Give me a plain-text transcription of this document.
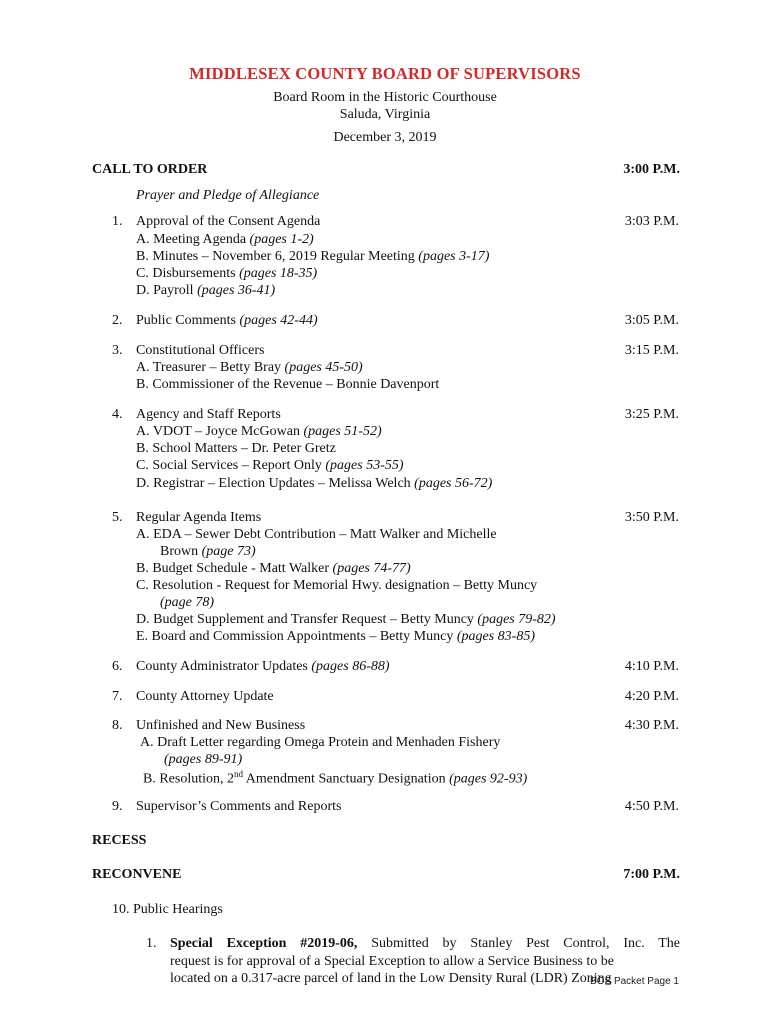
MIDDLESEX COUNTY BOARD OF SUPERVISORS
Board Room in the Historic Courthouse
Saluda, Virginia
December 3, 2019
CALL TO ORDER	3:00 P.M.
Prayer and Pledge of Allegiance
1. Approval of the Consent Agenda	3:03 P.M.
A. Meeting Agenda (pages 1-2)
B. Minutes – November 6, 2019 Regular Meeting (pages 3-17)
C. Disbursements (pages 18-35)
D. Payroll (pages 36-41)
2. Public Comments (pages 42-44)	3:05 P.M.
3. Constitutional Officers	3:15 P.M.
A. Treasurer – Betty Bray (pages 45-50)
B. Commissioner of the Revenue – Bonnie Davenport
4. Agency and Staff Reports	3:25 P.M.
A. VDOT – Joyce McGowan (pages 51-52)
B. School Matters – Dr. Peter Gretz
C. Social Services – Report Only (pages 53-55)
D. Registrar – Election Updates – Melissa Welch (pages 56-72)
5. Regular Agenda Items	3:50 P.M.
A. EDA – Sewer Debt Contribution – Matt Walker and Michelle
Brown (page 73)
B. Budget Schedule - Matt Walker (pages 74-77)
C. Resolution - Request for Memorial Hwy. designation – Betty Muncy
(page 78)
D. Budget Supplement and Transfer Request – Betty Muncy (pages 79-82)
E. Board and Commission Appointments – Betty Muncy (pages 83-85)
6. County Administrator Updates (pages 86-88)	4:10 P.M.
7. County Attorney Update	4:20 P.M.
8. Unfinished and New Business	4:30 P.M.
A. Draft Letter regarding Omega Protein and Menhaden Fishery
(pages 89-91)
B. Resolution, 2nd Amendment Sanctuary Designation (pages 92-93)
9. Supervisor’s Comments and Reports	4:50 P.M.
RECESS
RECONVENE	7:00 P.M.
10. Public Hearings
1. Special Exception #2019-06, Submitted by Stanley Pest Control, Inc. The
request is for approval of a Special Exception to allow a Service Business to be
located on a 0.317-acre parcel of land in the Low Density Rural (LDR) Zoning
BOS Packet Page 1
